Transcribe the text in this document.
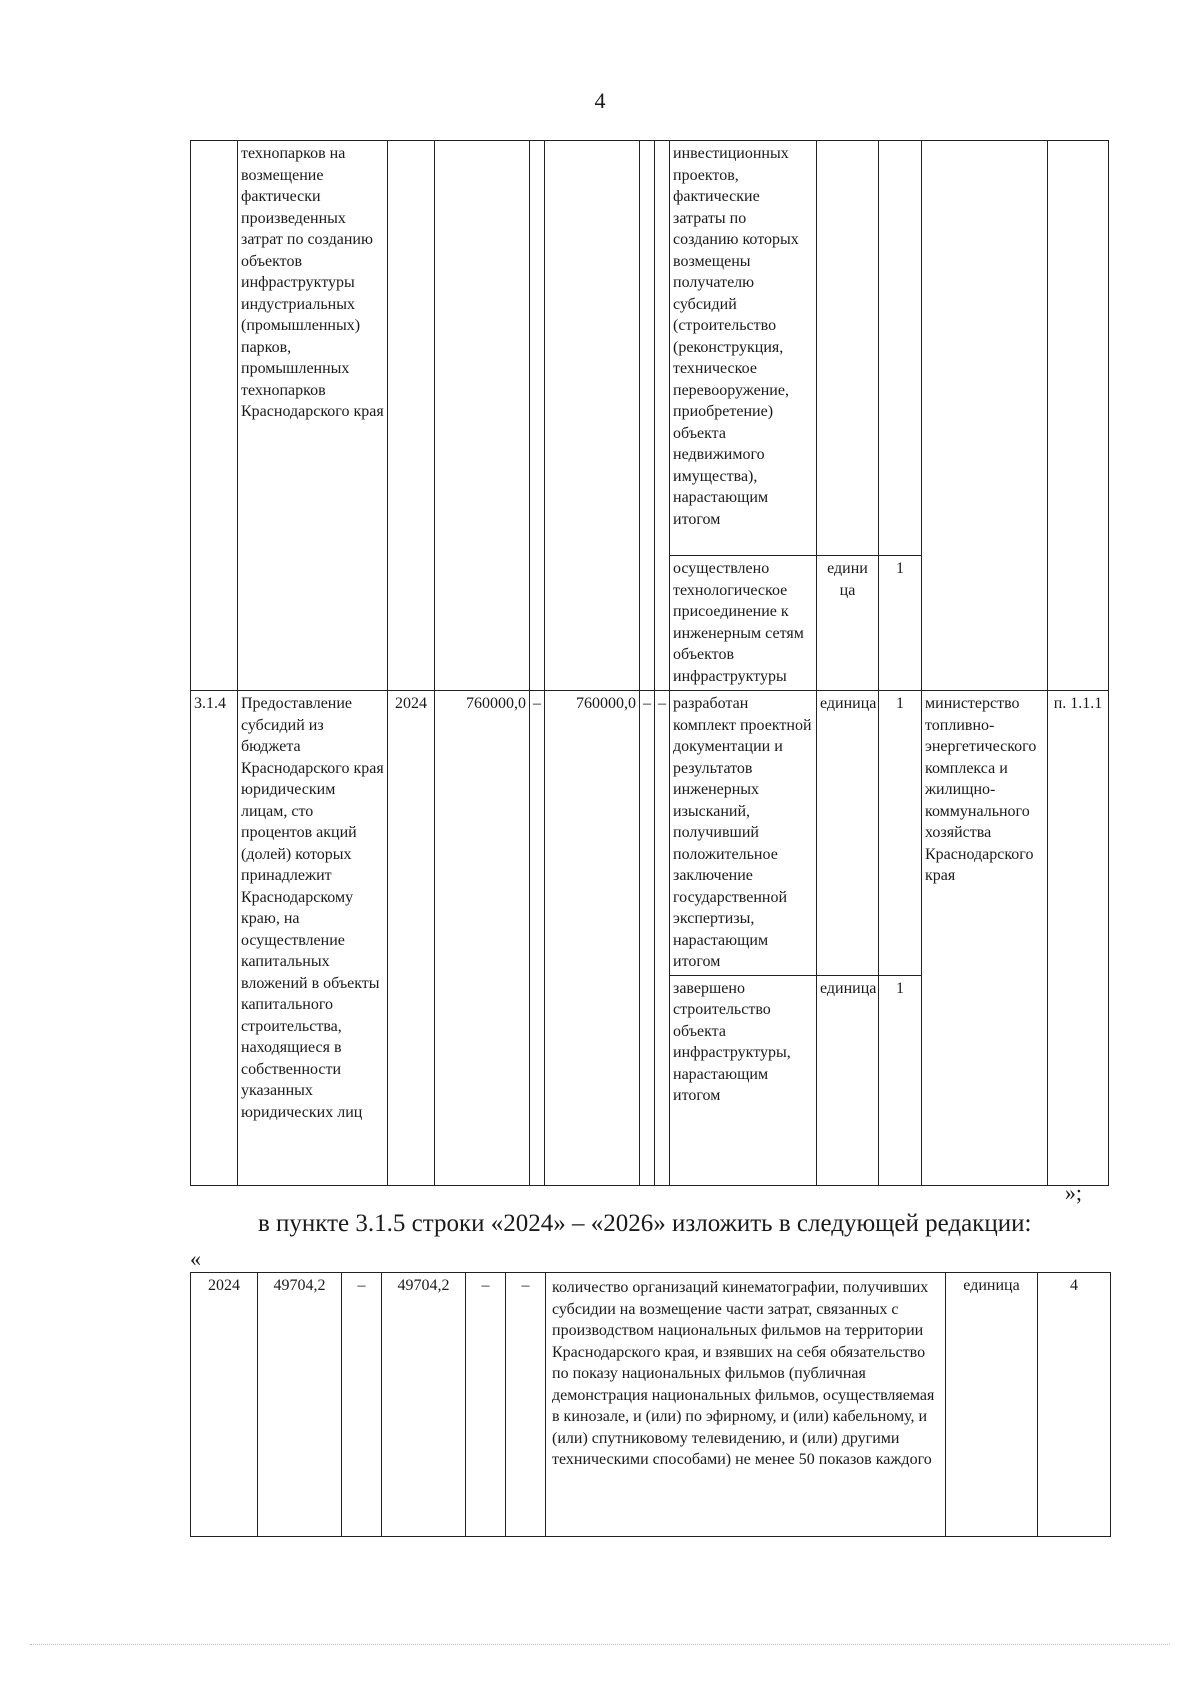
4
	технопарков на возмещение фактически произведенных затрат по созданию объектов инфраструктуры индустриальных (промышленных) парков, промышленных технопарков Краснодарского края							инвестиционных проектов, фактические затраты по созданию которых возмещены получателю субсидий (строительство (реконструкция, техническое перевооружение, приобретение) объекта недвижимого имущества), нарастающим итогом				
								осуществлено технологическое присоединение к инженерным сетям объектов инфраструктуры	едини ца	1		
3.1.4	Предоставление субсидий из бюджета Краснодарского края юридическим лицам, сто процентов акций (долей) которых принадлежит Краснодарскому краю, на осуществление капитальных вложений в объекты капитального строительства, находящиеся в собственности указанных юридических лиц	2024	760000,0	–	760000,0	–	–	разработан комплект проектной документации и результатов инженерных изысканий, получивший положительное заключение государственной экспертизы, нарастающим итогом	единица	1	министерство топливно-энергетического комплекса и жилищно-коммунального хозяйства Краснодарского края	п. 1.1.1
								завершено строительство объекта инфраструктуры, нарастающим итогом	единица	1		
»;
в пункте 3.1.5 строки «2024» – «2026» изложить в следующей редакции:
«
2024	49704,2	–	49704,2	–	–	количество организаций кинематографии, получивших субсидии на возмещение части затрат, связанных с производством национальных фильмов на территории Краснодарского края, и взявших на себя обязательство по показу национальных фильмов (публичная демонстрация национальных фильмов, осуществляемая в кинозале, и (или) по эфирному, и (или) кабельному, и (или) спутниковому телевидению, и (или) другими техническими способами) не менее 50 показов каждого	единица	4
